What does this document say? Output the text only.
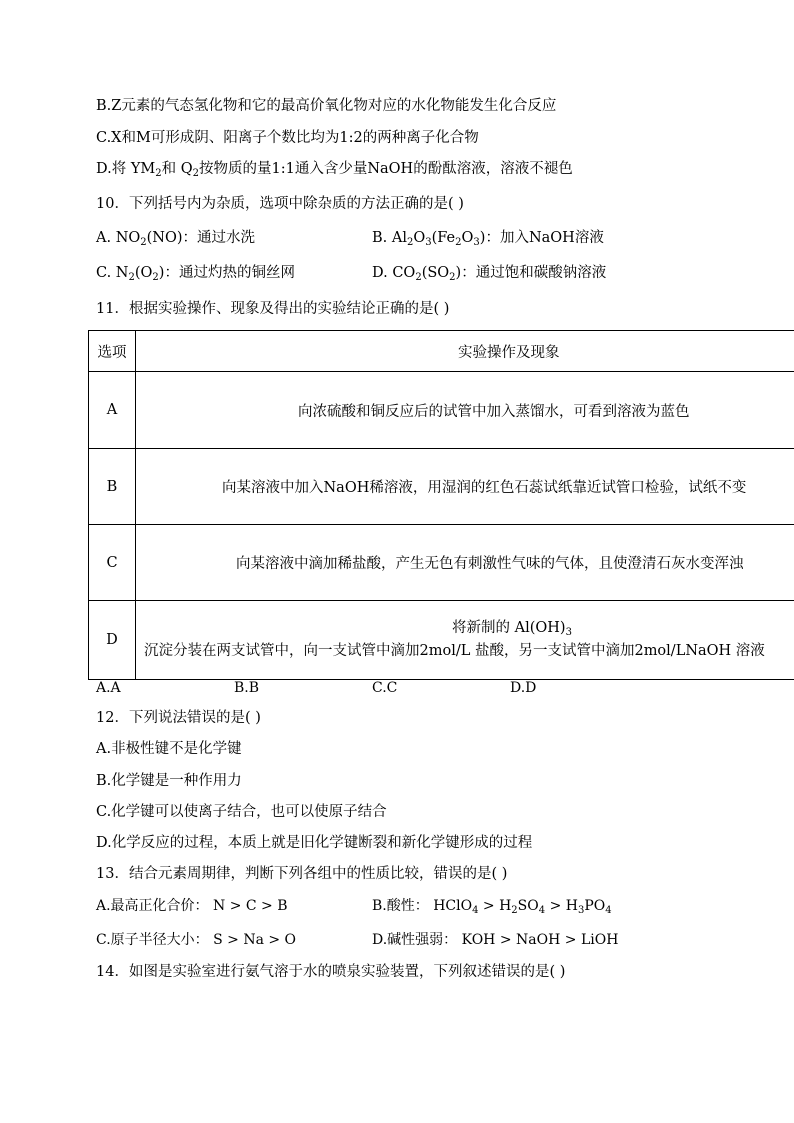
B.Z元素的气态氢化物和它的最高价氧化物对应的水化物能发生化合反应
C.X和M可形成阴、阳离子个数比均为1:2的两种离子化合物
D.将 $YM_2$和 $Q_2$按物质的量1:1通入含少量NaOH的酚酞溶液，溶液不褪色
10．下列括号内为杂质，选项中除杂质的方法正确的是( )
A. $NO_2(NO)$：通过水洗	B. $Al_2O_3(Fe_2O_3)$：加入NaOH溶液
C. $N_2(O_2)$：通过灼热的铜丝网	D. $CO_2(SO_2)$：通过饱和碳酸钠溶液
11．根据实验操作、现象及得出的实验结论正确的是( )
选项	实验操作及现象
A	向浓硫酸和铜反应后的试管中加入蒸馏水，可看到溶液为蓝色
B	向某溶液中加入NaOH稀溶液，用湿润的红色石蕊试纸靠近试管口检验，试纸不变
C	向某溶液中滴加稀盐酸，产生无色有刺激性气味的气体，且使澄清石灰水变浑浊
D	将新制的 $Al(OH)_3$
沉淀分装在两支试管中，向一支试管中滴加2mol/L 盐酸，另一支试管中滴加2mol/LNaOH 溶液
A.A	B.B	C.C	D.D
12．下列说法错误的是( )
A.非极性键不是化学键
B.化学键是一种作用力
C.化学键可以使离子结合，也可以使原子结合
D.化学反应的过程，本质上就是旧化学键断裂和新化学键形成的过程
13．结合元素周期律，判断下列各组中的性质比较，错误的是( )
A.最高正化合价： N > C > B	B.酸性： HClO$_4$ > $H_2SO_4 > H_3PO_4$
C.原子半径大小： S > Na > O	D.碱性强弱： KOH > NaOH > LiOH
14．如图是实验室进行氨气溶于水的喷泉实验装置，下列叙述错误的是( )
